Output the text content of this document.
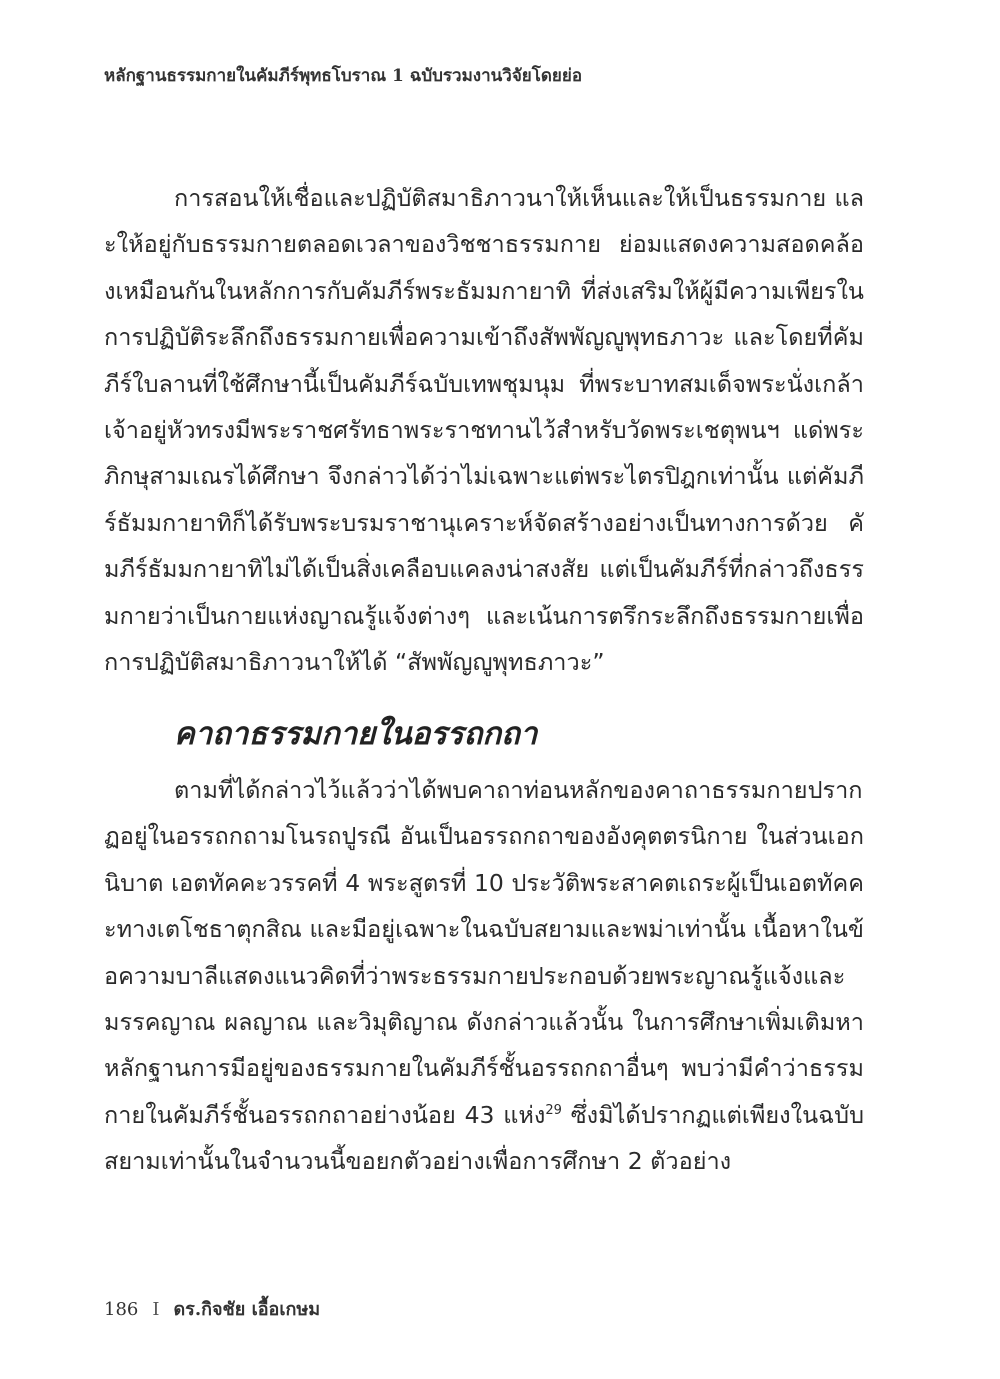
หลักฐานธรรมกายในคัมภีร์พุทธโบราณ 1 ฉบับรวมงานวิจัยโดยย่อ

การสอนให้เชื่อและปฏิบัติสมาธิภาวนาให้เห็นและให้เป็นธรรมกาย และให้อยู่กับธรรมกายตลอดเวลาของวิชชาธรรมกาย ย่อมแสดงความสอดคล้องเหมือนกันในหลักการกับคัมภีร์พระธัมมกายาทิ ที่ส่งเสริมให้ผู้มีความเพียรในการปฏิบัติระลึกถึงธรรมกายเพื่อความเข้าถึงสัพพัญญูพุทธภาวะ และโดยที่คัมภีร์ใบลานที่ใช้ศึกษานี้เป็นคัมภีร์ฉบับเทพชุมนุม ที่พระบาทสมเด็จพระนั่งเกล้าเจ้าอยู่หัวทรงมีพระราชศรัทธาพระราชทานไว้สำหรับวัดพระเชตุพนฯ แด่พระภิกษุสามเณรได้ศึกษา จึงกล่าวได้ว่าไม่เฉพาะแต่พระไตรปิฎกเท่านั้น แต่คัมภีร์ธัมมกายาทิก็ได้รับพระบรมราชานุเคราะห์จัดสร้างอย่างเป็นทางการด้วย คัมภีร์ธัมมกายาทิไม่ได้เป็นสิ่งเคลือบแคลงน่าสงสัย แต่เป็นคัมภีร์ที่กล่าวถึงธรรมกายว่าเป็นกายแห่งญาณรู้แจ้งต่างๆ และเน้นการตรึกระลึกถึงธรรมกายเพื่อการปฏิบัติสมาธิภาวนาให้ได้ “สัพพัญญูพุทธภาวะ”

คาถาธรรมกายในอรรถกถา

ตามที่ได้กล่าวไว้แล้วว่าได้พบคาถาท่อนหลักของคาถาธรรมกายปรากฏอยู่ในอรรถกถามโนรถปูรณี อันเป็นอรรถกถาของอังคุตตรนิกาย ในส่วนเอกนิบาต เอตทัคคะวรรคที่ 4 พระสูตรที่ 10 ประวัติพระสาคตเถระผู้เป็นเอตทัคคะทางเตโชธาตุกสิณ และมีอยู่เฉพาะในฉบับสยามและพม่าเท่านั้น เนื้อหาในข้อความบาลีแสดงแนวคิดที่ว่าพระธรรมกายประกอบด้วยพระญาณรู้แจ้งและ มรรคญาณ ผลญาณ และวิมุติญาณ ดังกล่าวแล้วนั้น ในการศึกษาเพิ่มเติมหาหลักฐานการมีอยู่ของธรรมกายในคัมภีร์ชั้นอรรถกถาอื่นๆ พบว่ามีคำว่าธรรมกายในคัมภีร์ชั้นอรรถกถาอย่างน้อย 43 แห่ง$^{29}$ ซึ่งมิได้ปรากฏแต่เพียงในฉบับสยามเท่านั้นในจำนวนนี้ขอยกตัวอย่างเพื่อการศึกษา 2 ตัวอย่าง

186 I ดร.กิจชัย เอื้อเกษม
